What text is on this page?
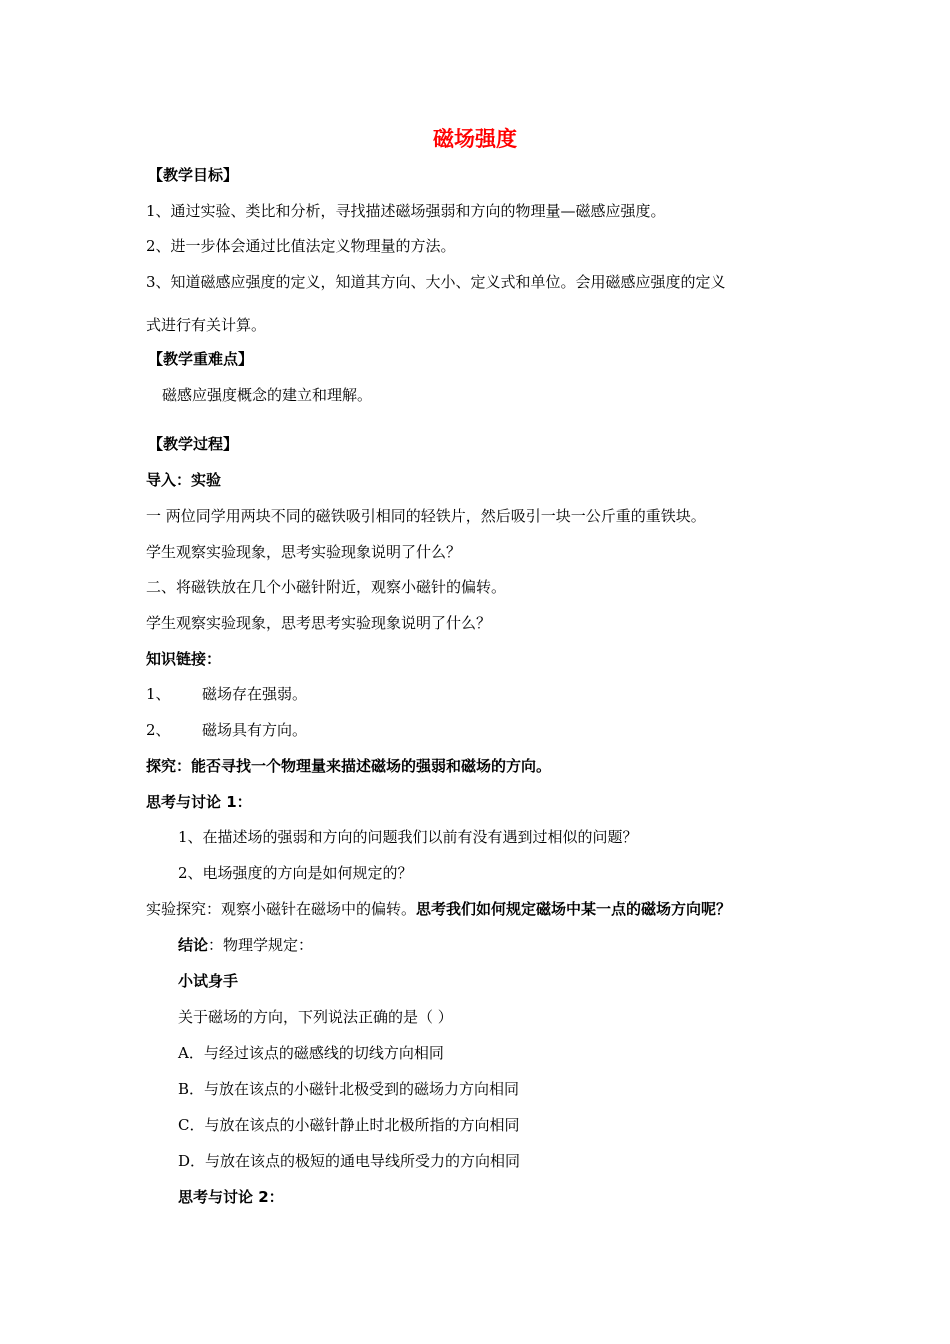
磁场强度
【教学目标】
1、通过实验、类比和分析，寻找描述磁场强弱和方向的物理量—磁感应强度。
2、进一步体会通过比值法定义物理量的方法。
3、知道磁感应强度的定义，知道其方向、大小、定义式和单位。会用磁感应强度的定义
式进行有关计算。
【教学重难点】
磁感应强度概念的建立和理解。
【教学过程】
导入：实验
一 两位同学用两块不同的磁铁吸引相同的轻铁片，然后吸引一块一公斤重的重铁块。
学生观察实验现象，思考实验现象说明了什么？
二、将磁铁放在几个小磁针附近，观察小磁针的偏转。
学生观察实验现象，思考思考实验现象说明了什么？
知识链接：
1、 磁场存在强弱。
2、 磁场具有方向。
探究：能否寻找一个物理量来描述磁场的强弱和磁场的方向。
思考与讨论 1：
1、在描述场的强弱和方向的问题我们以前有没有遇到过相似的问题？
2、电场强度的方向是如何规定的？
实验探究：观察小磁针在磁场中的偏转。思考我们如何规定磁场中某一点的磁场方向呢？
结论：物理学规定：
小试身手
关于磁场的方向，下列说法正确的是（ ）
A．与经过该点的磁感线的切线方向相同
B．与放在该点的小磁针北极受到的磁场力方向相同
C．与放在该点的小磁针静止时北极所指的方向相同
D．与放在该点的极短的通电导线所受力的方向相同
思考与讨论 2：
